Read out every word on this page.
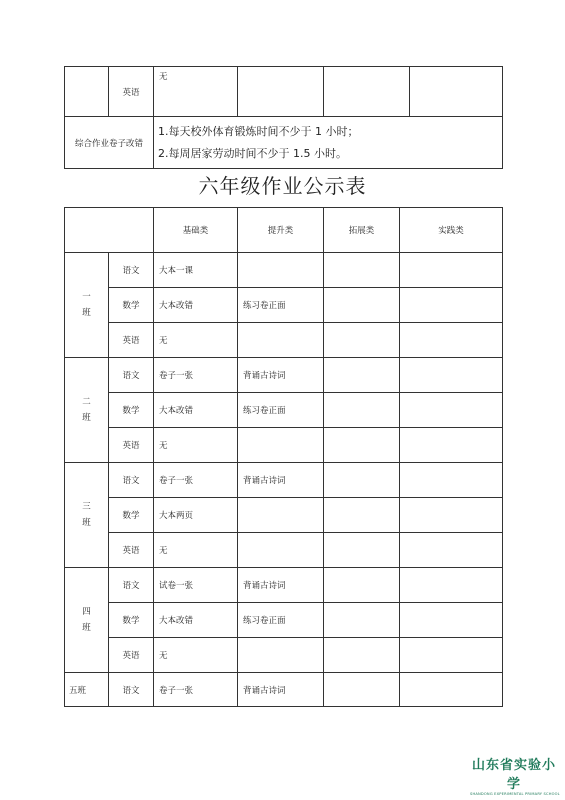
	英语	无			
综合作业卷子改错		1.每天校外体育锻炼时间不少于 1 小时；
2.每周居家劳动时间不少于 1.5 小时。			
六年级作业公示表
		基础类	提升类	拓展类	实践类

一
班	语文	大本一课			
	数学	大本改错	练习卷正面		
	英语	无			

二
班	语文	卷子一张	背诵古诗词		
	数学	大本改错	练习卷正面		
	英语	无			

三
班	语文	卷子一张	背诵古诗词		
	数学	大本两页			
	英语	无			

四
班	语文	试卷一张	背诵古诗词		
	数学	大本改错	练习卷正面		
	英语	无			
五班	语文	卷子一张	背诵古诗词		
山东省实验小学
SHANDONG EXPERIMENTAL PRIMARY SCHOOL
